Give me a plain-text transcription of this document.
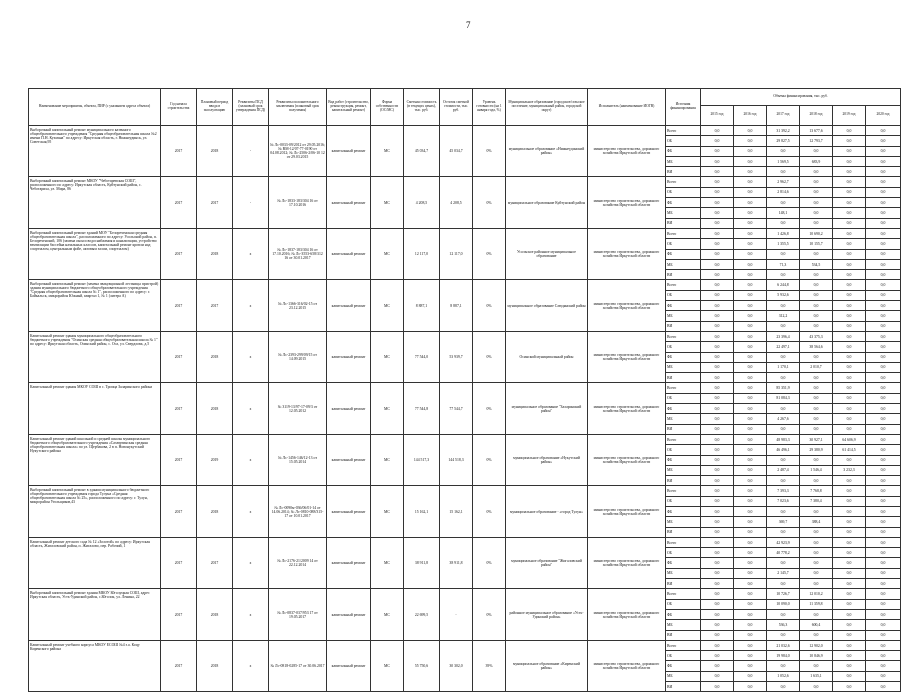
7
Наименование мероприятия, объекта, ПИР (с указанием адреса объекта)	Год начала строительства	Плановый период ввода в эксплуатацию	Реквизиты ПСД (плановый срок утверждения ПСД)	Реквизиты положительного заключения (плановый срок получения)	Вид работ (строительство, реконструкция, ремонт, капитальный ремонт)	Форма собственности (ОС/МС)	Сметная стоимость (в текущих ценах), тыс. руб.	Остаток сметной стоимости, тыс. руб.	Уровень готовности (на 1 января года, %)	Муниципальное образование (городское/сельское поселение, муниципальный район, городской округ)	Исполнитель (наименование ИОГВ)	Источник финансирования	Объемы финансирования, тыс. руб.					
													2015 год	2016 год	2017 год	2018 год	2019 год	2020 год
Выборочный капитальный ремонт муниципального казенного общеобразовательного учреждения "Средняя общеобразовательная школа №2 имени П.Н. Кухмана" по адресу: Иркутская область, г. Нижнеудинск, ул. Советская,95	2017	2018	-	№ Лс-0033-09/2012 от 29.05.2016; № ВМ-12/07-77-0190 от 04.08.2012; № Лс-2506-2/06-10 12 от 29.03.2015	капитальный ремонт	МС	45 034,7	45 034,7	0%	муниципальное образование «Нижнеудинский район»	министерство строительства, дорожного хозяйства Иркутской области	Всего	0,0	0,0	31 392,2	13 677,6	0,0	0,0
												ОБ	0,0	0,0	29 827,5	12 793,7	0,0	0,0
												ФБ	0,0	0,0	0,0	0,0	0,0	0,0
												МБ	0,0	0,0	1 569,5	683,9	0,0	0,0
												ВИ	0,0	0,0	0,0	0,0	0,0	0,0
Выборочный капитальный ремонт МКОУ "Чеботаревская СОШ", расположенного по адресу: Иркутская область, Куйтунский район, с. Чеботариха, ул. Мира, 86	2017	2017	-	№ Лс-1833-183/304 16 от 17.10.2016	капитальный ремонт	МС	4 208,5	4 208,5	0%	муниципальное образование Куйтунский район	министерство строительства, дорожного хозяйства Иркутской области	Всего	0,0	0,0	2 962,7	0,0	0,0	0,0
												ОБ	0,0	0,0	2 814,6	0,0	0,0	0,0
												ФБ	0,0	0,0	0,0	0,0	0,0	0,0
												МБ	0,0	0,0	148,1	0,0	0,0	0,0
												ВИ	0,0	0,0	0,0	0,0	0,0	0,0
Выборочный капитальный ремонт зданий МОУ "Белореченская средняя общеобразовательная школа", расположенного по адресу: Усольский район, п. Белореченский, 106 (замена окон и водоснабжения и канализации, устройство вентиляции бассейна начальных классов, капитальный ремонт кровли над спортзалом, центральным фойе, актовым залом, спортзалом)	2017	2018	х	№ Лс-1837-183/304 16 от 17.10.2016; № Лс-3553-658/312 16 от 30.01.2017	капитальный ремонт	МС	12 117,0	12 117,0	0%	Усольское районное муниципальное образование	министерство строительства, дорожного хозяйства Иркутской области	Всего	0,0	0,0	1 426,8	10 690,2	0,0	0,0
												ОБ	0,0	0,0	1 355,5	10 155,7	0,0	0,0
												ФБ	0,0	0,0	0,0	0,0	0,0	0,0
												МБ	0,0	0,0	71,3	534,5	0,0	0,0
												ВИ	0,0	0,0	0,0	0,0	0,0	0,0
Выборочный капитальный ремонт (замена эвакуационной лестницы пристрой) здания муниципального бюджетного общеобразовательного учреждения "Средняя общеобразовательная школа № 1", расположенного по адресу: г. Байкальск, микрорайон Южный, квартал 1, № 1 (литера А)	2017	2017	х	№ Лс-1366-316/02-15 от 23.12.2015	капитальный ремонт	МС	8 887,1	8 887,1	0%	муниципальное образование Слюдянский район	министерство строительства, дорожного хозяйства Иркутской области	Всего	0,0	0,0	6 244,8	0,0	0,0	0,0
												ОБ	0,0	0,0	5 932,6	0,0	0,0	0,0
												ФБ	0,0	0,0	0,0	0,0	0,0	0,0
												МБ	0,0	0,0	312,2	0,0	0,0	0,0
												ВИ	0,0	0,0	0,0	0,0	0,0	0,0
Капитальный ремонт здания муниципального общеобразовательного бюджетного учреждения "Осинская средняя общеобразовательная школа № 1" по адресу: Иркутская область, Осинский район, с. Оса, ул. Свердлова, д.5	2017	2018	х	№ Лс-2393-299/09/15 от 14.09.2015	капитальный ремонт	МС	77 544,0	53 939,7	0%	Осинский муниципальный район	министерство строительства, дорожного хозяйства Иркутской области	Всего	0,0	0,0	23 396,4	43 375,3	0,0	0,0
												ОБ	0,0	0,0	22 497,1	38 564,6	0,0	0,0
												ФБ	0,0	0,0	0,0	0,0	0,0	0,0
												МБ	0,0	0,0	1 170,1	2 010,7	0,0	0,0
												ВИ	0,0	0,0	0,0	0,0	0,0	0,0
Капитальный ремонт здания МКОУ СОШ в с. Троица Заларинского района	2017	2018	х	№ 3119-13/97-17-09/3 от 12.05.2012	капитальный ремонт	МС	77 544,8	77 544,7	0%	муниципальное образование "Заларинский район"	министерство строительства, дорожного хозяйства Иркутской области	Всего	0,0	0,0	85 351,9	0,0	0,0	0,0
												ОБ	0,0	0,0	81 084,3	0,0	0,0	0,0
												ФБ	0,0	0,0	0,0	0,0	0,0	0,0
												МБ	0,0	0,0	4 267,6	0,0	0,0	0,0
												ВИ	0,0	0,0	0,0	0,0	0,0	0,0
Капитальный ремонт зданий школьной и средней школы муниципального бюджетного общеобразовательного учреждения «Сахюртинская средняя общеобразовательная школа» по ул. Щербакова, 2 в п. Новонукутский Нукутского района	2017	2019	х	№ Лс-1456-146/12-13 от 15.05.2014	капитальный ремонт	МС	144 517,3	144 518,3	0%	муниципальное образование «Нукутский район»	министерство строительства, дорожного хозяйства Иркутской области	Всего	0,0	0,0	48 983,3	30 927,1	64 606,9	0,0
												ОБ	0,0	0,0	46 496,1	29 380,9	61 414,5	0,0
												ФБ	0,0	0,0	0,0	0,0	0,0	0,0
												МБ	0,0	0,0	2 487,4	1 546,4	3 232,3	0,0
												ВИ	0,0	0,0	0,0	0,0	0,0	0,0
Выборочный капитальный ремонт в здании муниципального бюджетного общеобразовательного учреждения города Тулуна «Средняя общеобразовательная школа № 25», расположенного по адресу: г. Тулун, микрорайон Угольщиков,43	2017	2018	х	№ Лс-0090м-036/06/01-14 от 14.06.2014; № Лс-0810-088/315-17 от 10.01.2017	капитальный ремонт	МС	15 162,1	15 162,1	0%	муниципальное образование - «город Тулун»	министерство строительства, дорожного хозяйства Иркутской области	Всего	0,0	0,0	7 393,3	7 768,8	0,0	0,0
												ОБ	0,0	0,0	7 023,6	7 380,4	0,0	0,0
												ФБ	0,0	0,0	0,0	0,0	0,0	0,0
												МБ	0,0	0,0	369,7	388,4	0,0	0,0
												ВИ	0,0	0,0	0,0	0,0	0,0	0,0
Капитальный ремонт детского сада № 12 «Золотой» по адресу: Иркутская область, Жигаловский район, п. Жигалово, пер. Рабочий, 1	2017	2017	х	№ Лс-2176-21/2009 14 от 22.12.2014	капитальный ремонт	МС	38 911,8	38 911,8	0%	муниципальное образование "Жигаловский район"	министерство строительства, дорожного хозяйства Иркутской области	Всего	0,0	0,0	42 923,9	0,0	0,0	0,0
												ОБ	0,0	0,0	40 778,2	0,0	0,0	0,0
												ФБ	0,0	0,0	0,0	0,0	0,0	0,0
												МБ	0,0	0,0	2 145,7	0,0	0,0	0,0
												ВИ	0,0	0,0	0,0	0,0	0,0	0,0
Выборочный капитальный ремонт здания МКОУ Юголуцкая СОШ, адрес Иркутская область, Усть-Удинский район, с.Юголок, ул. Ленина, 22	2017	2018	х	№ Лс-0837-037/953 17 от 19.05.2017	капитальный ремонт	МС	22 699,5	-	0%	районное муниципальное образование «Усть-Удинский район»	министерство строительства, дорожного хозяйства Иркутской области	Всего	0,0	0,0	10 726,7	12 010,2	0,0	0,0
												ОБ	0,0	0,0	10 090,0	11 359,8	0,0	0,0
												ФБ	0,0	0,0	0,0	0,0	0,0	0,0
												МБ	0,0	0,0	536,3	600,4	0,0	0,0
												ВИ	0,0	0,0	0,0	0,0	0,0	0,0
Капитальный ремонт учебного корпуса МКОУ ЕСОШ №4 з.а. Коцу Киренского района	2017	2018	х	№ Лс-0818-0285-17 от 30.06.2017	капитальный ремонт	МС	55 750,6	30 302,0	39%	муниципальное образование «Киренский район»	министерство строительства, дорожного хозяйства Иркутской области	Всего	0,0	0,0	21 032,6	12 902,0	0,0	0,0
												ОБ	0,0	0,0	19 984,0	10 846,9	0,0	0,0
												ФБ	0,0	0,0	0,0	0,0	0,0	0,0
												МБ	0,0	0,0	1 052,6	1 635,1	0,0	0,0
												ВИ	0,0	0,0	0,0	0,0	0,0	0,0
